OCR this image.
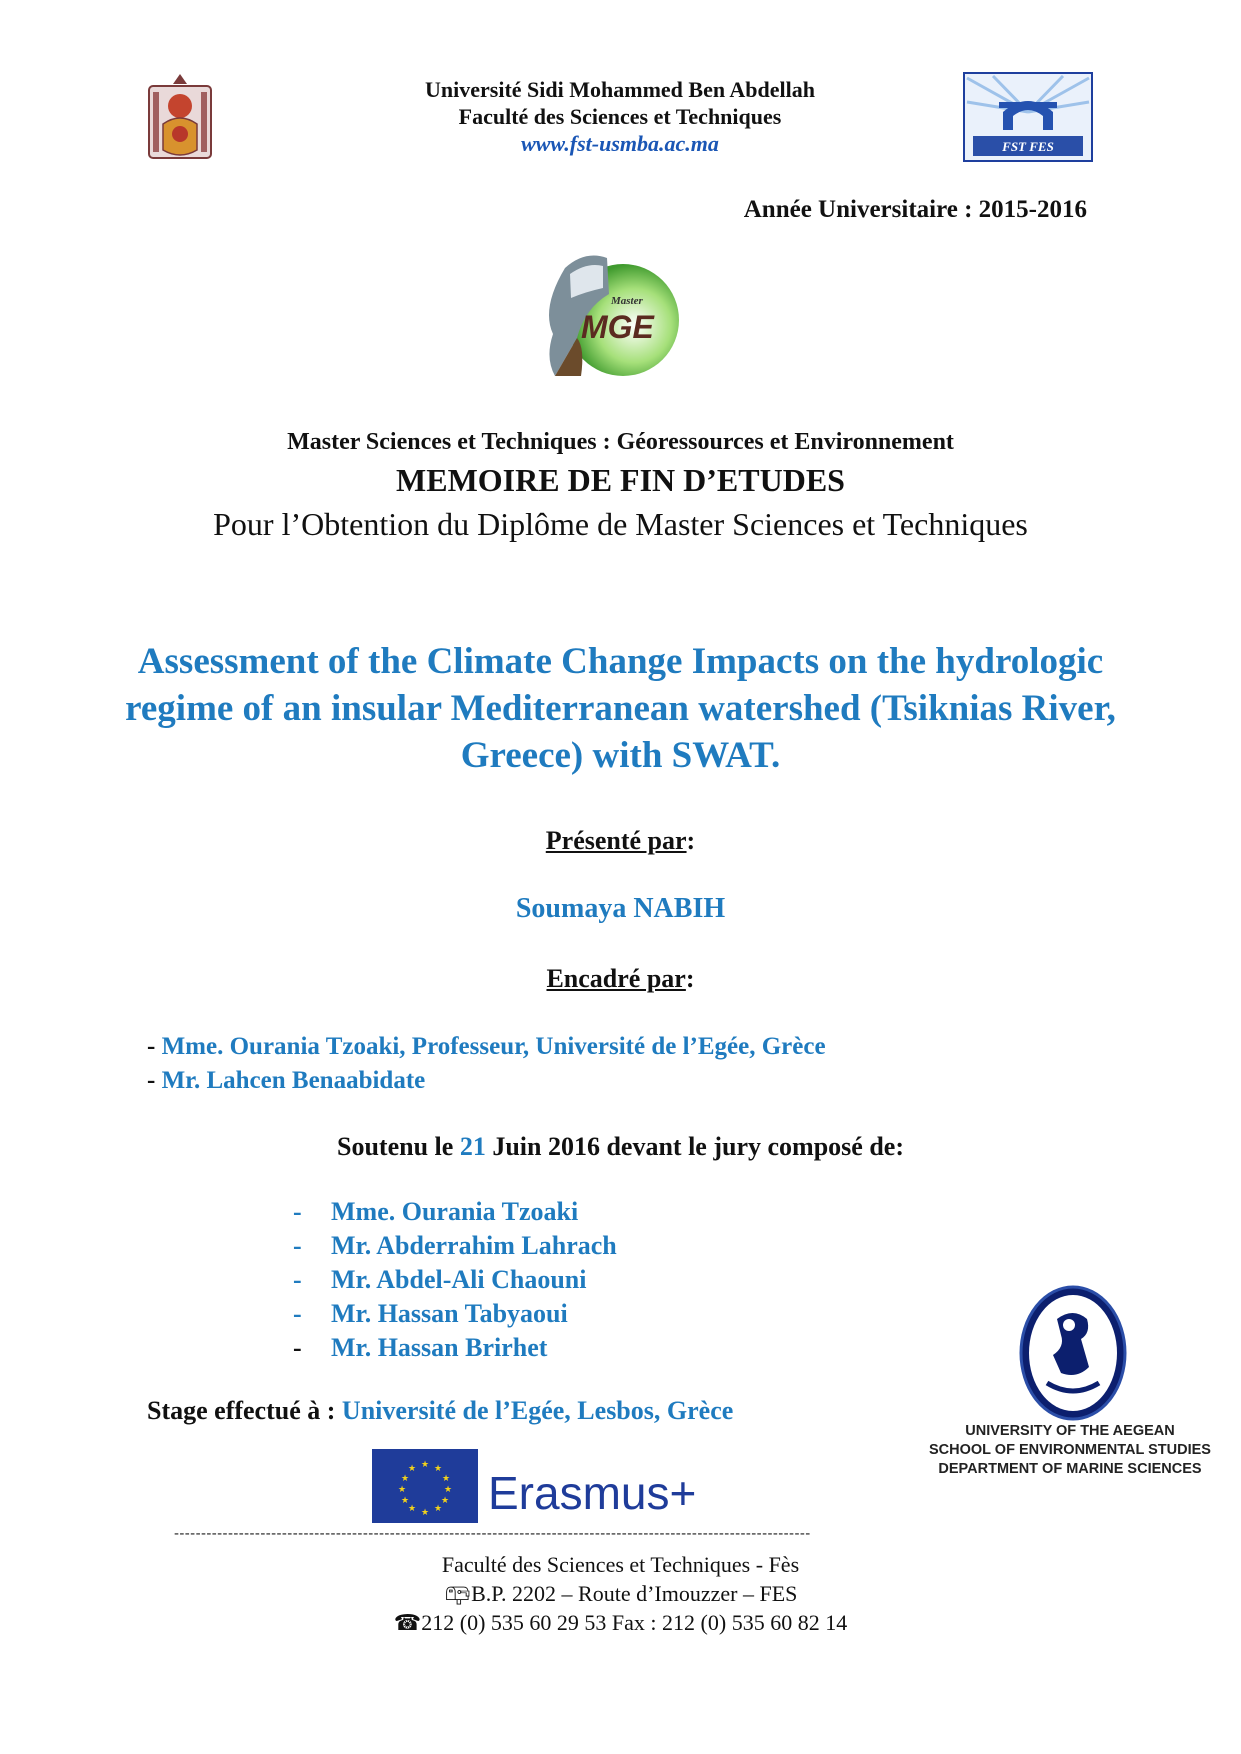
Université Sidi Mohammed Ben Abdellah
Faculté des Sciences et Techniques
www.fst-usmba.ac.ma	FST FES
Année Universitaire : 2015-2016
Master
MGE
Master Sciences et Techniques : Géoressources et Environnement
MEMOIRE DE FIN D’ETUDES
Pour l’Obtention du Diplôme de Master Sciences et Techniques
Assessment of the Climate Change Impacts on the hydrologic regime of an insular Mediterranean watershed (Tsiknias River, Greece) with SWAT.
Présenté par:
Soumaya NABIH
Encadré par:
- Mme. Ourania Tzoaki, Professeur, Université de l’Egée, Grèce
- Mr. Lahcen Benaabidate
Soutenu le 21 Juin 2016 devant le jury composé de:
-	Mme. Ourania Tzoaki
-	Mr. Abderrahim Lahrach
-	Mr. Abdel-Ali Chaouni
-	Mr. Hassan Tabyaoui
-	Mr. Hassan Brirhet
UNIVERSITY OF THE AEGEAN
SCHOOL OF ENVIRONMENTAL STUDIES
DEPARTMENT OF MARINE SCIENCES
Stage effectué à : Université de l’Egée, Lesbos, Grèce
★ ★
★
★
★
★
★
★
★
★
★
★ Erasmus+
----------------------------------------------------------------------------------------------------------------------
Faculté des Sciences et Techniques - Fès
📪︎ B.P. 2202 – Route d’Imouzzer – FES
☎ 212 (0) 535 60 29 53 Fax : 212 (0) 535 60 82 14
